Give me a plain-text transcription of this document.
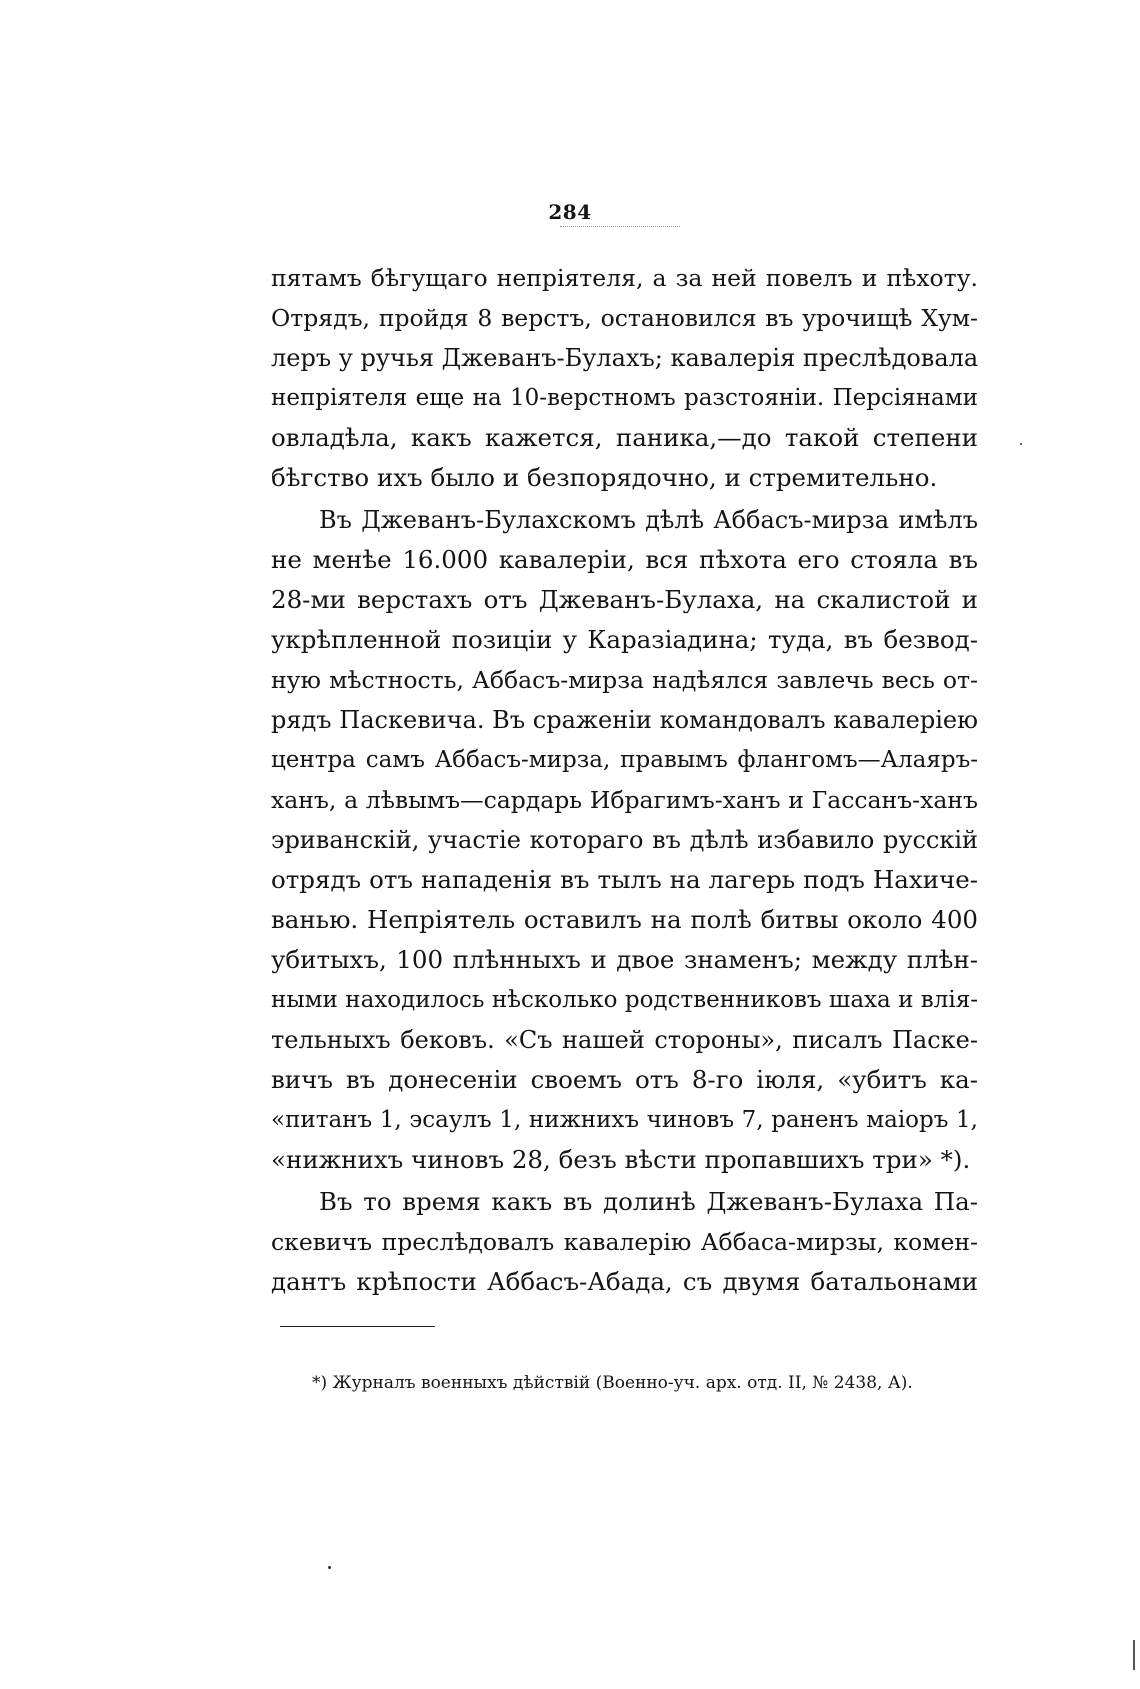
284
пятамъ бѣгущаго непріятеля, а за ней повелъ и пѣхоту.
Отрядъ, пройдя 8 верстъ, остановился въ урочищѣ Хум-
леръ у ручья Джеванъ-Булахъ; кавалерія преслѣдовала
непріятеля еще на 10-верстномъ разстояніи. Персіянами
овладѣла, какъ кажется, паника,—до такой степени
бѣгство ихъ было и безпорядочно, и стремительно.
Въ Джеванъ-Булахскомъ дѣлѣ Аббасъ-мирза имѣлъ
не менѣе 16.000 кавалеріи, вся пѣхота его стояла въ
28-ми верстахъ отъ Джеванъ-Булаха, на скалистой и
укрѣпленной позиціи у Каразіадина; туда, въ безвод-
ную мѣстность, Аббасъ-мирза надѣялся завлечь весь от-
рядъ Паскевича. Въ сраженіи командовалъ кавалеріею
центра самъ Аббасъ-мирза, правымъ флангомъ—Алаяръ-
ханъ, а лѣвымъ—сардарь Ибрагимъ-ханъ и Гассанъ-ханъ
эриванскій, участіе котораго въ дѣлѣ избавило русскій
отрядъ отъ нападенія въ тылъ на лагерь подъ Нахиче-
ванью. Непріятель оставилъ на полѣ битвы около 400
убитыхъ, 100 плѣнныхъ и двое знаменъ; между плѣн-
ными находилось нѣсколько родственниковъ шаха и влія-
тельныхъ бековъ. «Съ нашей стороны», писалъ Паске-
вичъ въ донесеніи своемъ отъ 8-го іюля, «убитъ ка-
«питанъ 1, эсаулъ 1, нижнихъ чиновъ 7, раненъ маіоръ 1,
«нижнихъ чиновъ 28, безъ вѣсти пропавшихъ три» *).
Въ то время какъ въ долинѣ Джеванъ-Булаха Па-
скевичъ преслѣдовалъ кавалерію Аббаса-мирзы, комен-
дантъ крѣпости Аббасъ-Абада, съ двумя батальонами
*) Журналъ военныхъ дѣйствій (Военно-уч. арх. отд. II, № 2438, А).
